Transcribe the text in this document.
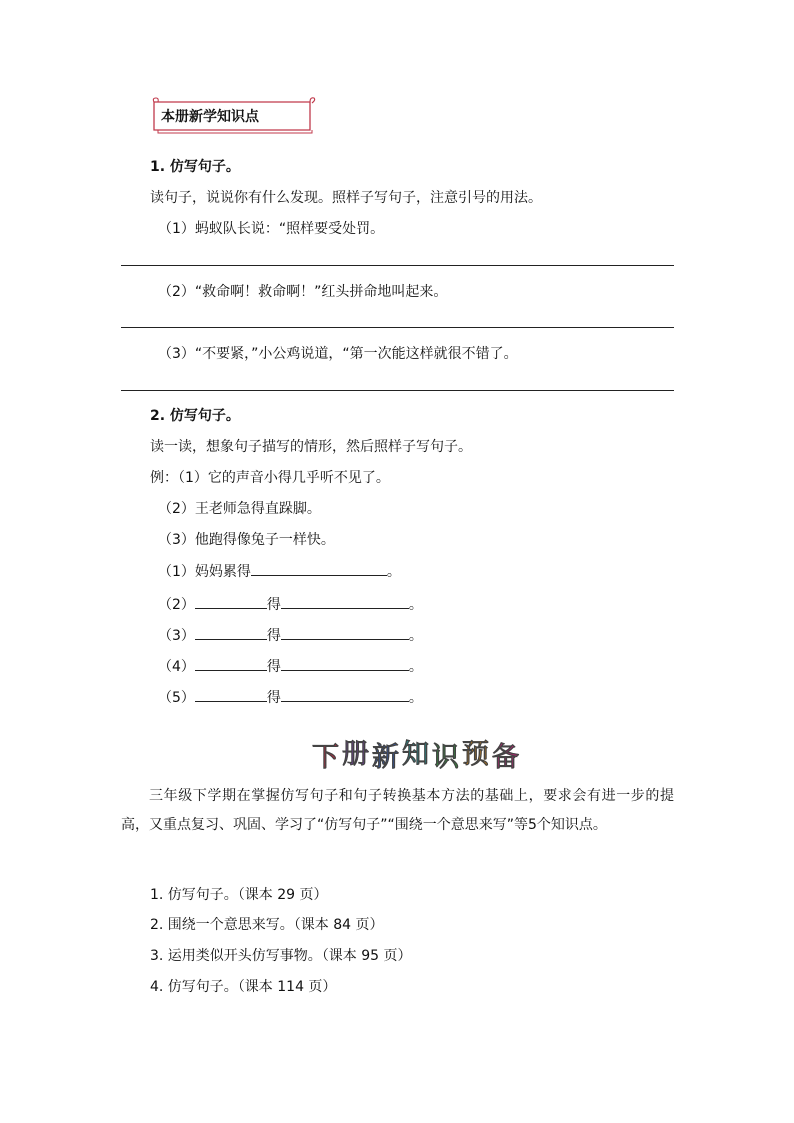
本册新学知识点
1. 仿写句子。
读句子，说说你有什么发现。照样子写句子，注意引号的用法。
（1）蚂蚁队长说：“照样要受处罚。
（2）“救命啊！救命啊！”红头拼命地叫起来。
（3）“不要紧，”小公鸡说道，“第一次能这样就很不错了。
2. 仿写句子。
读一读，想象句子描写的情形，然后照样子写句子。
例：（1）它的声音小得几乎听不见了。
（2）王老师急得直跺脚。
（3）他跑得像兔子一样快。
（1）妈妈累得	。
（2）	得	。
（3）	得	。
（4）	得	。
（5）	得	。
下 册 新 知 识 预 备
三年级下学期在掌握仿写句子和句子转换基本方法的基础上，要求会有进一步的提高，又重点复习、巩固、学习了“仿写句子”“围绕一个意思来写”等5个知识点。
1. 仿写句子。（课本 29 页）
2. 围绕一个意思来写。（课本 84 页）
3. 运用类似开头仿写事物。（课本 95 页）
4. 仿写句子。（课本 114 页）
